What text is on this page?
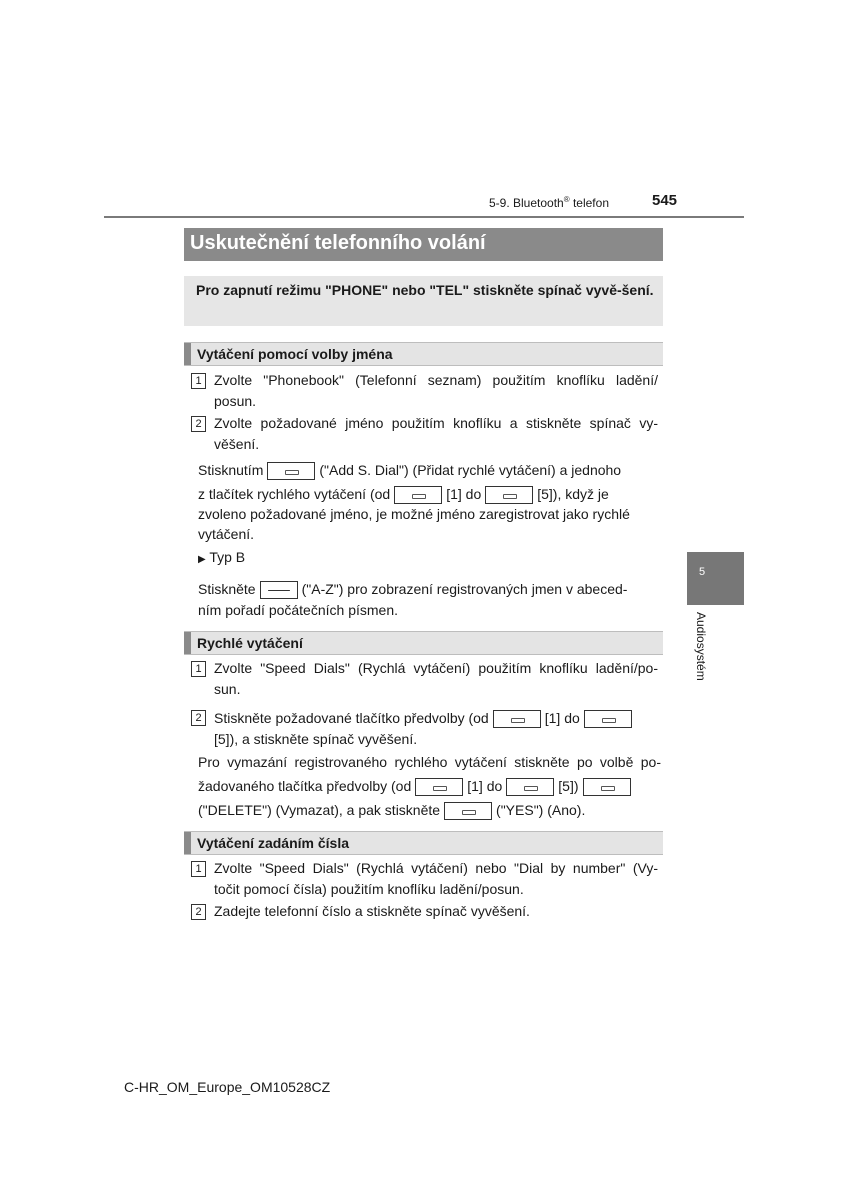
5-9. Bluetooth® telefon	545
Uskutečnění telefonního volání
Pro zapnutí režimu "PHONE" nebo "TEL" stiskněte spínač vyvě-šení.
Vytáčení pomocí volby jména
1 Zvolte "Phonebook" (Telefonní seznam) použitím knoflíku ladění/
posun.
2 Zvolte požadované jméno použitím knoflíku a stiskněte spínač vy-
věšení.
Stisknutím	("Add S. Dial") (Přidat rychlé vytáčení) a jednoho
z tlačítek rychlého vytáčení (od	[1] do	[5]), když je
zvoleno požadované jméno, je možné jméno zaregistrovat jako rychlé
vytáčení.
▶ Typ B
Stiskněte	("A-Z") pro zobrazení registrovaných jmen v abeced-
ním pořadí počátečních písmen.
Rychlé vytáčení
1 Zvolte "Speed Dials" (Rychlá vytáčení) použitím knoflíku ladění/po-
sun.
2 Stiskněte požadované tlačítko předvolby (od	[1] do
[5]), a stiskněte spínač vyvěšení.
Pro vymazání registrovaného rychlého vytáčení stiskněte po volbě po-
žadovaného tlačítka předvolby (od	[1] do	[5])
("DELETE") (Vymazat), a pak stiskněte	("YES") (Ano).
Vytáčení zadáním čísla
1 Zvolte "Speed Dials" (Rychlá vytáčení) nebo "Dial by number" (Vy-
točit pomocí čísla) použitím knoflíku ladění/posun.
2 Zadejte telefonní číslo a stiskněte spínač vyvěšení.
5
Audiosystém
C-HR_OM_Europe_OM10528CZ
